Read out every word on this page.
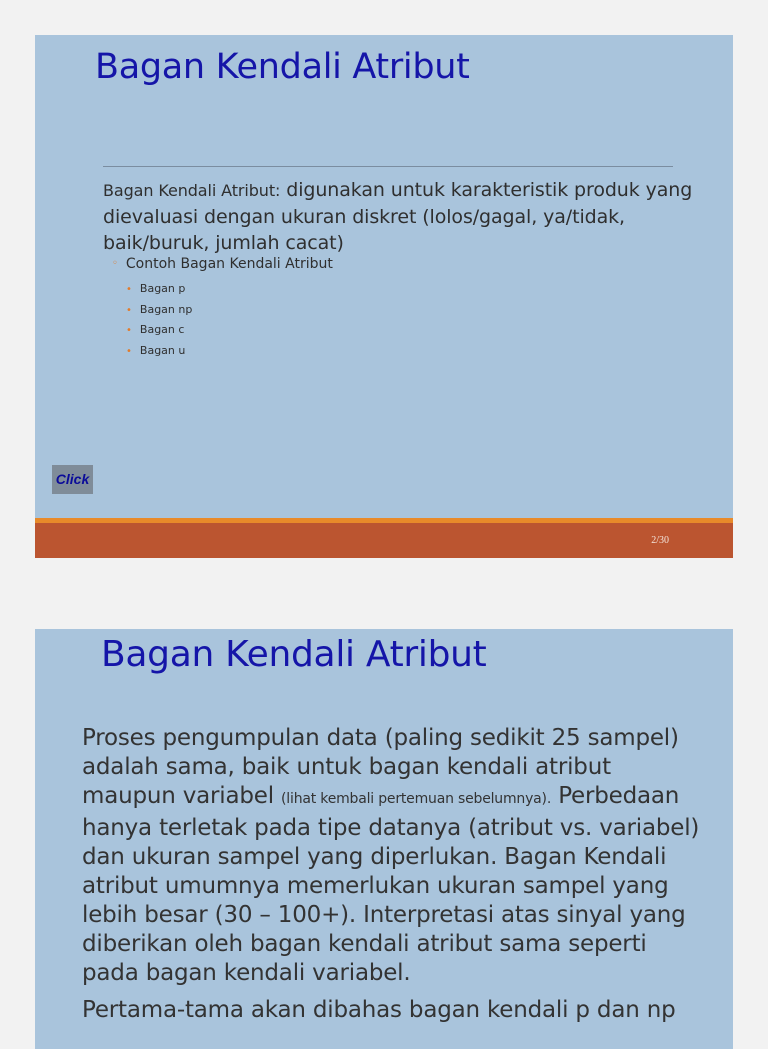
Bagan Kendali Atribut
Bagan Kendali Atribut: digunakan untuk karakteristik produk yang dievaluasi dengan ukuran diskret (lolos/gagal, ya/tidak, baik/buruk, jumlah cacat)
◦ Contoh Bagan Kendali Atribut
• Bagan p
• Bagan np
• Bagan c
• Bagan u
Click
2/30
Bagan Kendali Atribut

Proses pengumpulan data (paling sedikit 25 sampel) adalah sama, baik untuk bagan kendali atribut maupun variabel (lihat kembali pertemuan sebelumnya). Perbedaan hanya terletak pada tipe datanya (atribut vs. variabel) dan ukuran sampel yang diperlukan. Bagan Kendali atribut umumnya memerlukan ukuran sampel yang lebih besar (30 – 100+). Interpretasi atas sinyal yang diberikan oleh bagan kendali atribut sama seperti pada bagan kendali variabel.

Pertama-tama akan dibahas bagan kendali p dan np
